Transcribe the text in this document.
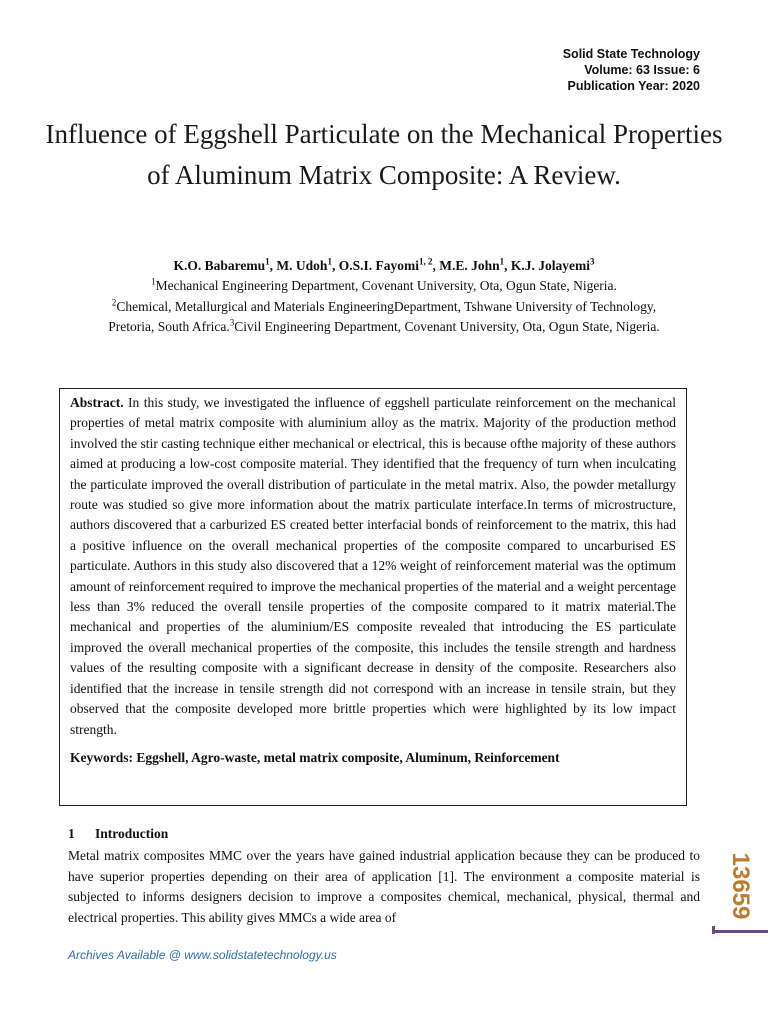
Solid State Technology
Volume: 63 Issue: 6
Publication Year: 2020
Influence of Eggshell Particulate on the Mechanical Properties of Aluminum Matrix Composite: A Review.
K.O. Babaremu$^1$, M. Udoh$^1$, O.S.I. Fayomi$^{1, 2}$, M.E. John$^1$, K.J. Jolayemi$^3$
$^1$Mechanical Engineering Department, Covenant University, Ota, Ogun State, Nigeria.
$^2$Chemical, Metallurgical and Materials EngineeringDepartment, Tshwane University of Technology,
Pretoria, South Africa.$^3$Civil Engineering Department, Covenant University, Ota, Ogun State, Nigeria.

Abstract. In this study, we investigated the influence of eggshell particulate reinforcement on the mechanical properties of metal matrix composite with aluminium alloy as the matrix. Majority of the production method involved the stir casting technique either mechanical or electrical, this is because ofthe majority of these authors aimed at producing a low-cost composite material. They identified that the frequency of turn when inculcating the particulate improved the overall distribution of particulate in the metal matrix. Also, the powder metallurgy route was studied so give more information about the matrix particulate interface.In terms of microstructure, authors discovered that a carburized ES created better interfacial bonds of reinforcement to the matrix, this had a positive influence on the overall mechanical properties of the composite compared to uncarburised ES particulate. Authors in this study also discovered that a 12% weight of reinforcement material was the optimum amount of reinforcement required to improve the mechanical properties of the material and a weight percentage less than 3% reduced the overall tensile properties of the composite compared to it matrix material.The mechanical and properties of the aluminium/ES composite revealed that introducing the ES particulate improved the overall mechanical properties of the composite, this includes the tensile strength and hardness values of the resulting composite with a significant decrease in density of the composite. Researchers also identified that the increase in tensile strength did not correspond with an increase in tensile strain, but they observed that the composite developed more brittle properties which were highlighted by its low impact strength.

Keywords: Eggshell, Agro-waste, metal matrix composite, Aluminum, Reinforcement
1 Introduction

Metal matrix composites MMC over the years have gained industrial application because they can be produced to have superior properties depending on their area of application [1]. The environment a composite material is subjected to informs designers decision to improve a composites chemical, mechanical, physical, thermal and electrical properties. This ability gives MMCs a wide area of	13659
Archives Available @ www.solidstatetechnology.us
